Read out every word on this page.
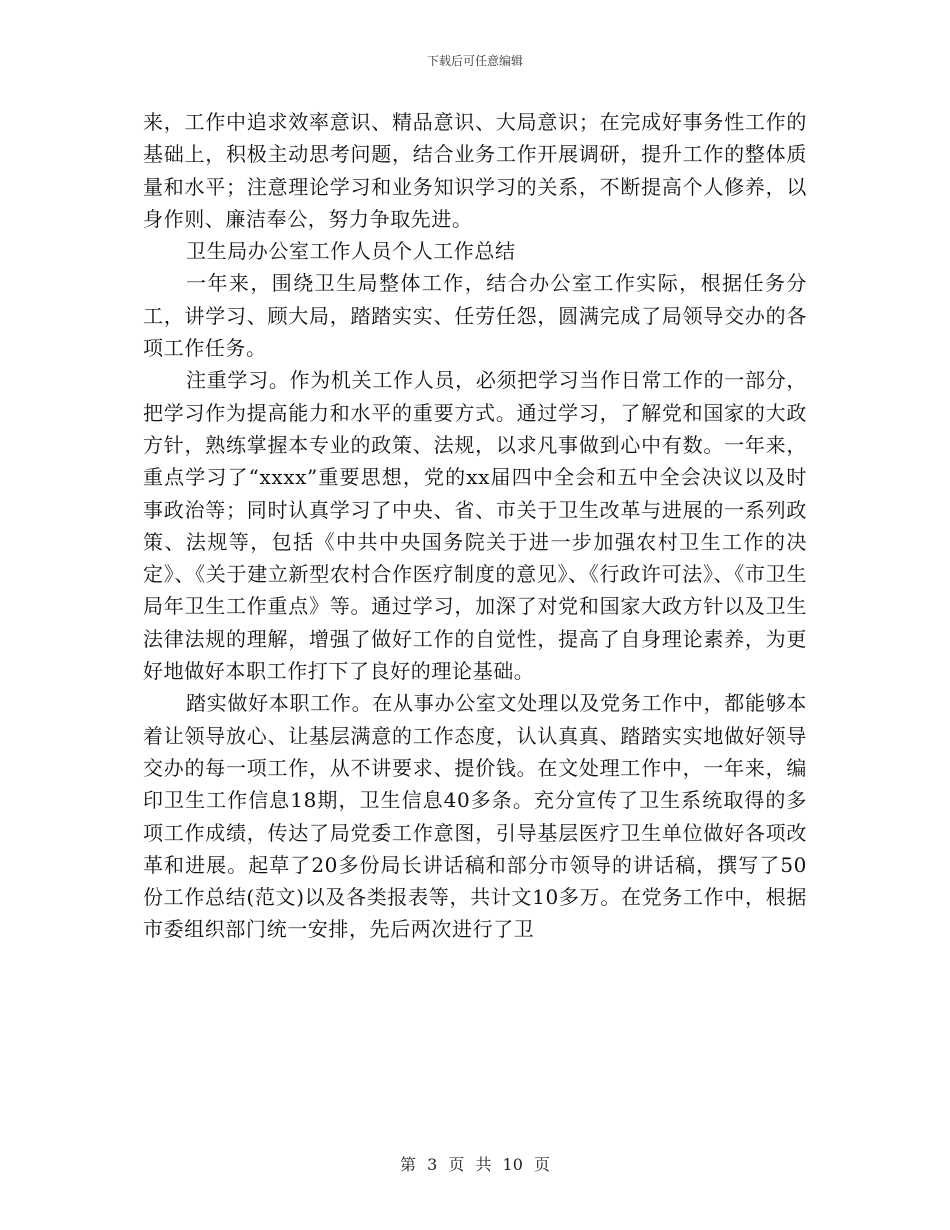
下载后可任意编辑

来，工作中追求效率意识、精品意识、大局意识；在完成好事务性工作的基础上，积极主动思考问题，结合业务工作开展调研，提升工作的整体质量和水平；注意理论学习和业务知识学习的关系，不断提高个人修养，以身作则、廉洁奉公，努力争取先进。

卫生局办公室工作人员个人工作总结

一年来，围绕卫生局整体工作，结合办公室工作实际，根据任务分工，讲学习、顾大局，踏踏实实、任劳任怨，圆满完成了局领导交办的各项工作任务。

注重学习。作为机关工作人员，必须把学习当作日常工作的一部分，把学习作为提高能力和水平的重要方式。通过学习，了解党和国家的大政方针，熟练掌握本专业的政策、法规，以求凡事做到心中有数。一年来，重点学习了“xxxx”重要思想，党的xx届四中全会和五中全会决议以及时事政治等；同时认真学习了中央、省、市关于卫生改革与进展的一系列政策、法规等，包括《中共中央国务院关于进一步加强农村卫生工作的决定》、《关于建立新型农村合作医疗制度的意见》、《行政许可法》、《市卫生局年卫生工作重点》等。通过学习，加深了对党和国家大政方针以及卫生法律法规的理解，增强了做好工作的自觉性，提高了自身理论素养，为更好地做好本职工作打下了良好的理论基础。

踏实做好本职工作。在从事办公室文处理以及党务工作中，都能够本着让领导放心、让基层满意的工作态度，认认真真、踏踏实实地做好领导交办的每一项工作，从不讲要求、提价钱。在文处理工作中，一年来，编印卫生工作信息18期，卫生信息40多条。充分宣传了卫生系统取得的多项工作成绩，传达了局党委工作意图，引导基层医疗卫生单位做好各项改革和进展。起草了20多份局长讲话稿和部分市领导的讲话稿，撰写了50份工作总结(范文)以及各类报表等，共计文10多万。在党务工作中，根据市委组织部门统一安排，先后两次进行了卫

第 3 页 共 10 页
